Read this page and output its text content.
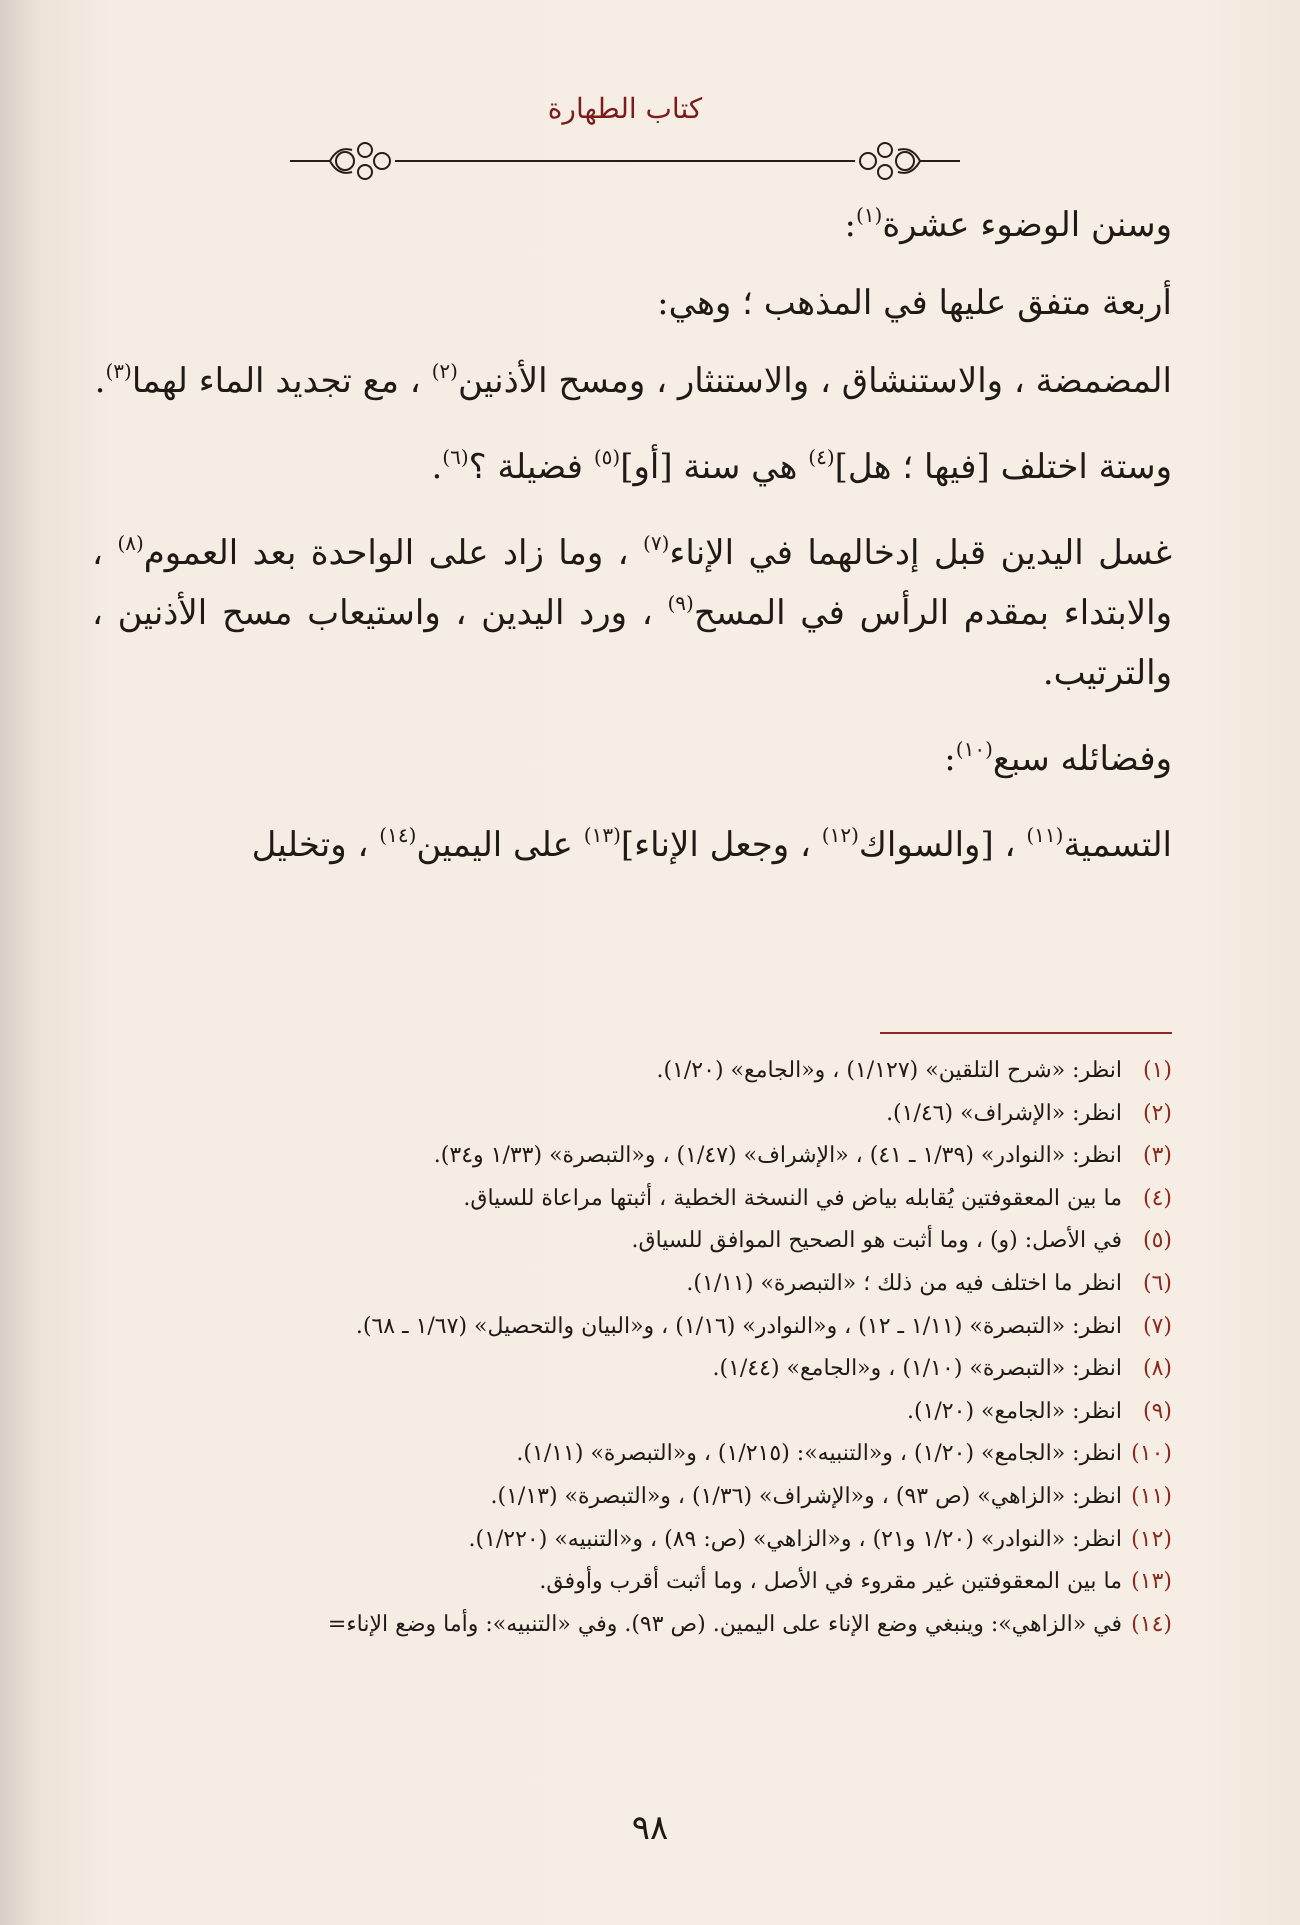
كتاب الطهارة

وسنن الوضوء عشرة$^{(١)}$:

أربعة متفق عليها في المذهب ؛ وهي:

المضمضة ، والاستنشاق ، والاستنثار ، ومسح الأذنين$^{(٢)}$ ، مع تجديد الماء لهما$^{(٣)}$.

وستة اختلف [فيها ؛ هل]$^{(٤)}$ هي سنة [أو]$^{(٥)}$ فضيلة ؟$^{(٦)}$.

غسل اليدين قبل إدخالهما في الإناء$^{(٧)}$ ، وما زاد على الواحدة بعد العموم$^{(٨)}$ ، والابتداء بمقدم الرأس في المسح$^{(٩)}$ ، ورد اليدين ، واستيعاب مسح الأذنين ، والترتيب.

وفضائله سبع$^{(١٠)}$:

التسمية$^{(١١)}$ ، [والسواك$^{(١٢)}$ ، وجعل الإناء]$^{(١٣)}$ على اليمين$^{(١٤)}$ ، وتخليل

(١)
انظر: «شرح التلقين» (١/١٢٧) ، و«الجامع» (١/٢٠).
(٢)
انظر: «الإشراف» (١/٤٦).
(٣)
انظر: «النوادر» (١/٣٩ ـ ٤١) ، «الإشراف» (١/٤٧) ، و«التبصرة» (١/٣٣ و٣٤).
(٤)
ما بين المعقوفتين يُقابله بياض في النسخة الخطية ، أثبتها مراعاة للسياق.
(٥)
في الأصل: (و) ، وما أثبت هو الصحيح الموافق للسياق.
(٦)
انظر ما اختلف فيه من ذلك ؛ «التبصرة» (١/١١).
(٧)
انظر: «التبصرة» (١/١١ ـ ١٢) ، و«النوادر» (١/١٦) ، و«البيان والتحصيل» (١/٦٧ ـ ٦٨).
(٨)
انظر: «التبصرة» (١/١٠) ، و«الجامع» (١/٤٤).
(٩)
انظر: «الجامع» (١/٢٠).
(١٠)
انظر: «الجامع» (١/٢٠) ، و«التنبيه»: (١/٢١٥) ، و«التبصرة» (١/١١).
(١١)
انظر: «الزاهي» (ص ٩٣) ، و«الإشراف» (١/٣٦) ، و«التبصرة» (١/١٣).
(١٢)
انظر: «النوادر» (١/٢٠ و٢١) ، و«الزاهي» (ص: ٨٩) ، و«التنبيه» (١/٢٢٠).
(١٣)
ما بين المعقوفتين غير مقروء في الأصل ، وما أثبت أقرب وأوفق.
(١٤)
في «الزاهي»: وينبغي وضع الإناء على اليمين. (ص ٩٣). وفي «التنبيه»: وأما وضع الإناء=
٩٨
